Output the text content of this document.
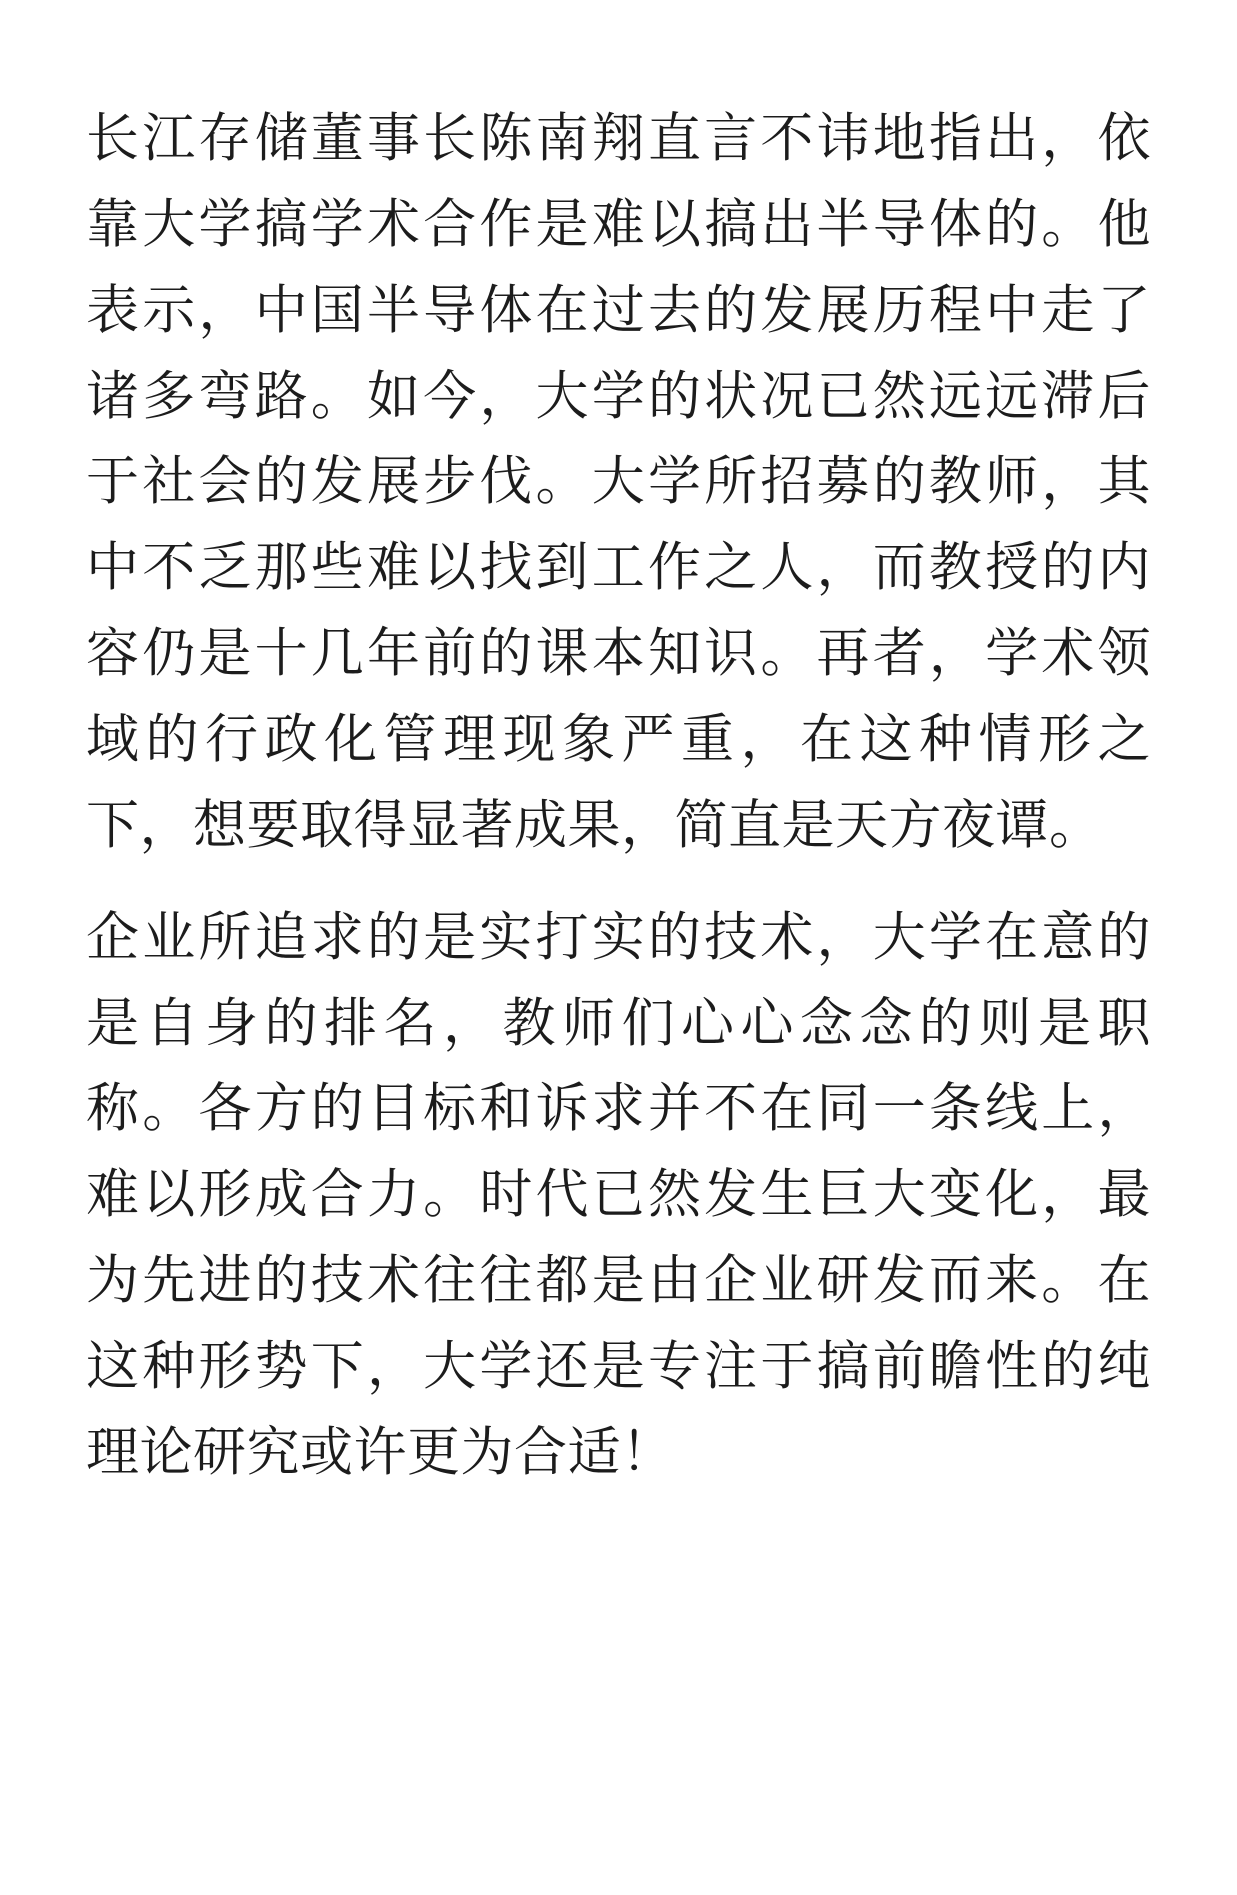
长江存储董事长陈南翔直言不讳地指出，依靠大学搞学术合作是难以搞出半导体的。他表示，中国半导体在过去的发展历程中走了诸多弯路。如今，大学的状况已然远远滞后于社会的发展步伐。大学所招募的教师，其中不乏那些难以找到工作之人，而教授的内容仍是十几年前的课本知识。再者，学术领域的行政化管理现象严重，在这种情形之下，想要取得显著成果，简直是天方夜谭。

企业所追求的是实打实的技术，大学在意的是自身的排名，教师们心心念念的则是职称。各方的目标和诉求并不在同一条线上，难以形成合力。时代已然发生巨大变化，最为先进的技术往往都是由企业研发而来。在这种形势下，大学还是专注于搞前瞻性的纯理论研究或许更为合适！
